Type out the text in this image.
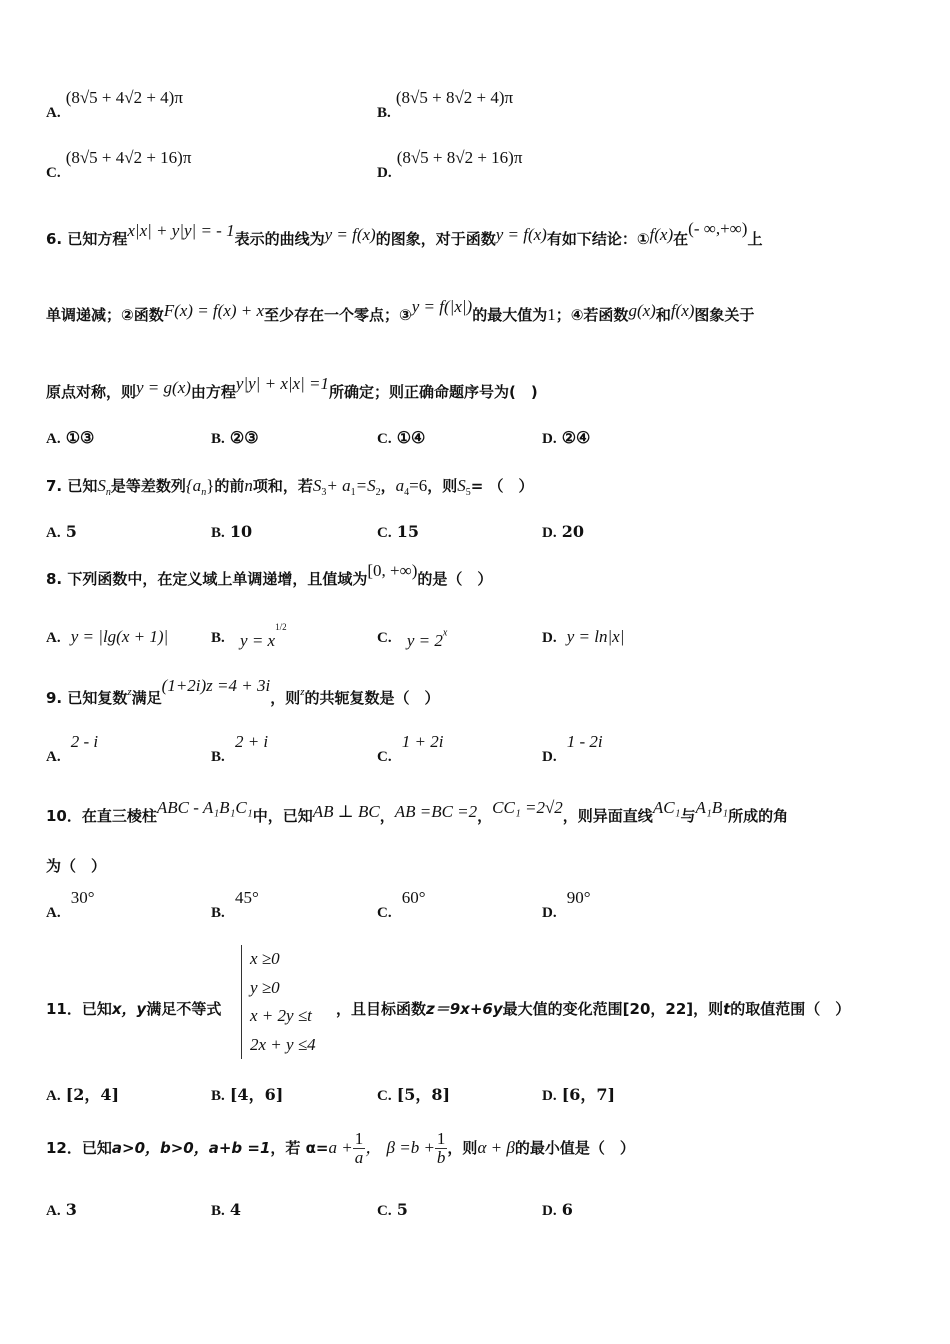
A. (8√5 + 4√2 + 4)π
B. (8√5 + 8√2 + 4)π
C. (8√5 + 4√2 + 16)π
D. (8√5 + 8√2 + 16)π
6. 已知方程x|x| + y|y| = - 1表示的曲线为y = f(x)的图象，对于函数y = f(x)有如下结论：①f(x)在(- ∞,+∞)上
单调递减；②函数F(x) = f(x) + x至少存在一个零点；③y = f(|x|)的最大值为1；④若函数g(x)和f(x)图象关于
原点对称，则y = g(x)由方程y|y| + x|x| =1所确定；则正确命题序号为(　)
A. ①③	B. ②③	C. ①④	D. ②④
7. 已知$S_n$是等差数列$\{a_n\}$的前n项和，若$S_3+ a_1=S_2$，$a_4=6$，则$S_5=$ （　）
A. 5	B. 10	C. 15	D. 20
8. 下列函数中，在定义域上单调递增，且值域为[0, +∞)的是（　）
A. y = |lg(x + 1)|	B. $y = x^{1/2}$
C. $y = 2^x$	D. y = ln|x|
9. 已知复数$^z$满足(1+2i)z =4 + 3i，则$^z$的共轭复数是（　）
A.  2 - i
B.  2 + i
C.  1 + 2i
D.  1 - 2i
10．在直三棱柱ABC - A₁B₁C₁中，已知AB ⊥ BC，AB =BC =2，CC₁ =2√2，则异面直线AC₁与A₁B₁所成的角
为（　）
A.  30°
B.  45°
C.  60°
D.  90°
11．已知x，y满足不等式
x ≥0
y ≥0
x + 2y ≤t
2x + y ≤4
，且目标函数z＝9x+6y最大值的变化范围[20，22]，则t的取值范围（　）
A. [2，4]	B. [4，6]	C. [5，8]	D. [6，7]
12．已知a>0，b>0，a+b =1，若 $\alpha=a + \frac{1}{a}$ ， $\beta =b + \frac{1}{b}$ ，则α + β的最小值是（　）
A. 3	B. 4	C. 5	D. 6
